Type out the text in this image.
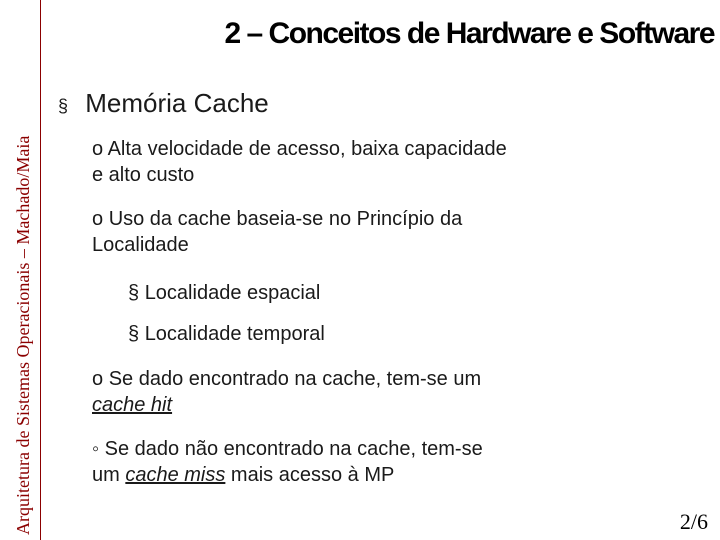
Arquitetura de Sistemas Operacionais – Machado/Maia
2 – Conceitos de Hardware e Software
§ Memória Cache
o Alta velocidade de acesso, baixa capacidade
e alto custo
o Uso da cache baseia-se no Princípio da
Localidade
§ Localidade espacial
§ Localidade temporal
o Se dado encontrado na cache, tem-se um
cache hit
◦ Se dado não encontrado na cache, tem-se
um cache miss mais acesso à MP
2/6
